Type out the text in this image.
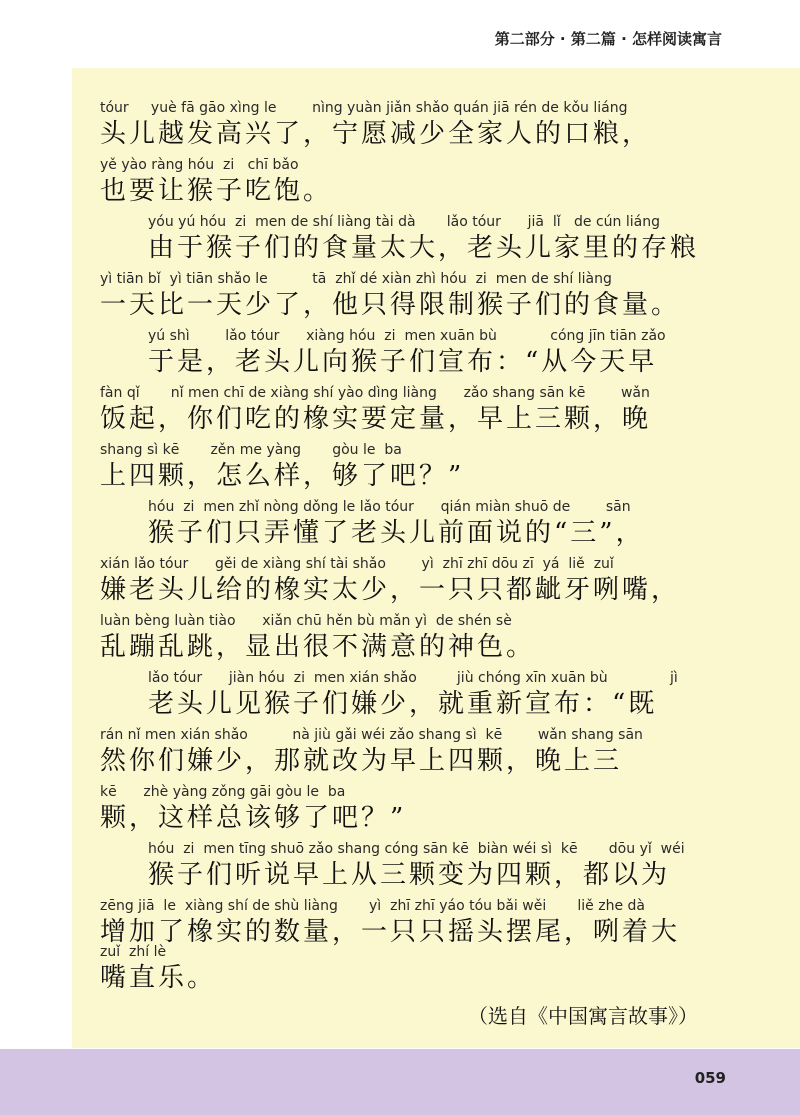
第二部分 · 第二篇 · 怎样阅读寓言
tóur     yuè fā gāo xìng le        nìng yuàn jiǎn shǎo quán jiā rén de kǒu liáng
头儿越发高兴了，宁愿减少全家人的口粮，
yě yào ràng hóu  zi   chī bǎo
也要让猴子吃饱。
yóu yú hóu  zi  men de shí liàng tài dà       lǎo tóur      jiā  lǐ   de cún liáng
由于猴子们的食量太大，老头儿家里的存粮
yì tiān bǐ  yì tiān shǎo le          tā  zhǐ dé xiàn zhì hóu  zi  men de shí liàng
一天比一天少了，他只得限制猴子们的食量。
yú shì        lǎo tóur      xiàng hóu  zi  men xuān bù            cóng jīn tiān zǎo
于是，老头儿向猴子们宣布：“从今天早
fàn qǐ       nǐ men chī de xiàng shí yào dìng liàng      zǎo shang sān kē        wǎn
饭起，你们吃的橡实要定量，早上三颗，晚
shang sì kē       zěn me yàng       gòu le  ba
上四颗，怎么样，够了吧？”
hóu  zi  men zhǐ nòng dǒng le lǎo tóur      qián miàn shuō de        sān
猴子们只弄懂了老头儿前面说的“三”，
xián lǎo tóur      gěi de xiàng shí tài shǎo        yì  zhī zhī dōu zī  yá  liě  zuǐ
嫌老头儿给的橡实太少，一只只都龇牙咧嘴，
luàn bèng luàn tiào      xiǎn chū hěn bù mǎn yì  de shén sè
乱蹦乱跳，显出很不满意的神色。
lǎo tóur      jiàn hóu  zi  men xián shǎo         jiù chóng xīn xuān bù              jì
老头儿见猴子们嫌少，就重新宣布：“既
rán nǐ men xián shǎo          nà jiù gǎi wéi zǎo shang sì  kē        wǎn shang sān
然你们嫌少，那就改为早上四颗，晚上三
kē      zhè yàng zǒng gāi gòu le  ba
颗，这样总该够了吧？”
hóu  zi  men tīng shuō zǎo shang cóng sān kē  biàn wéi sì  kē       dōu yǐ  wéi
猴子们听说早上从三颗变为四颗，都以为
zēng jiā  le  xiàng shí de shù liàng       yì  zhī zhī yáo tóu bǎi wěi       liě zhe dà
增加了橡实的数量，一只只摇头摆尾，咧着大
zuǐ  zhí lè
嘴直乐。
（选自《中国寓言故事》）
059
